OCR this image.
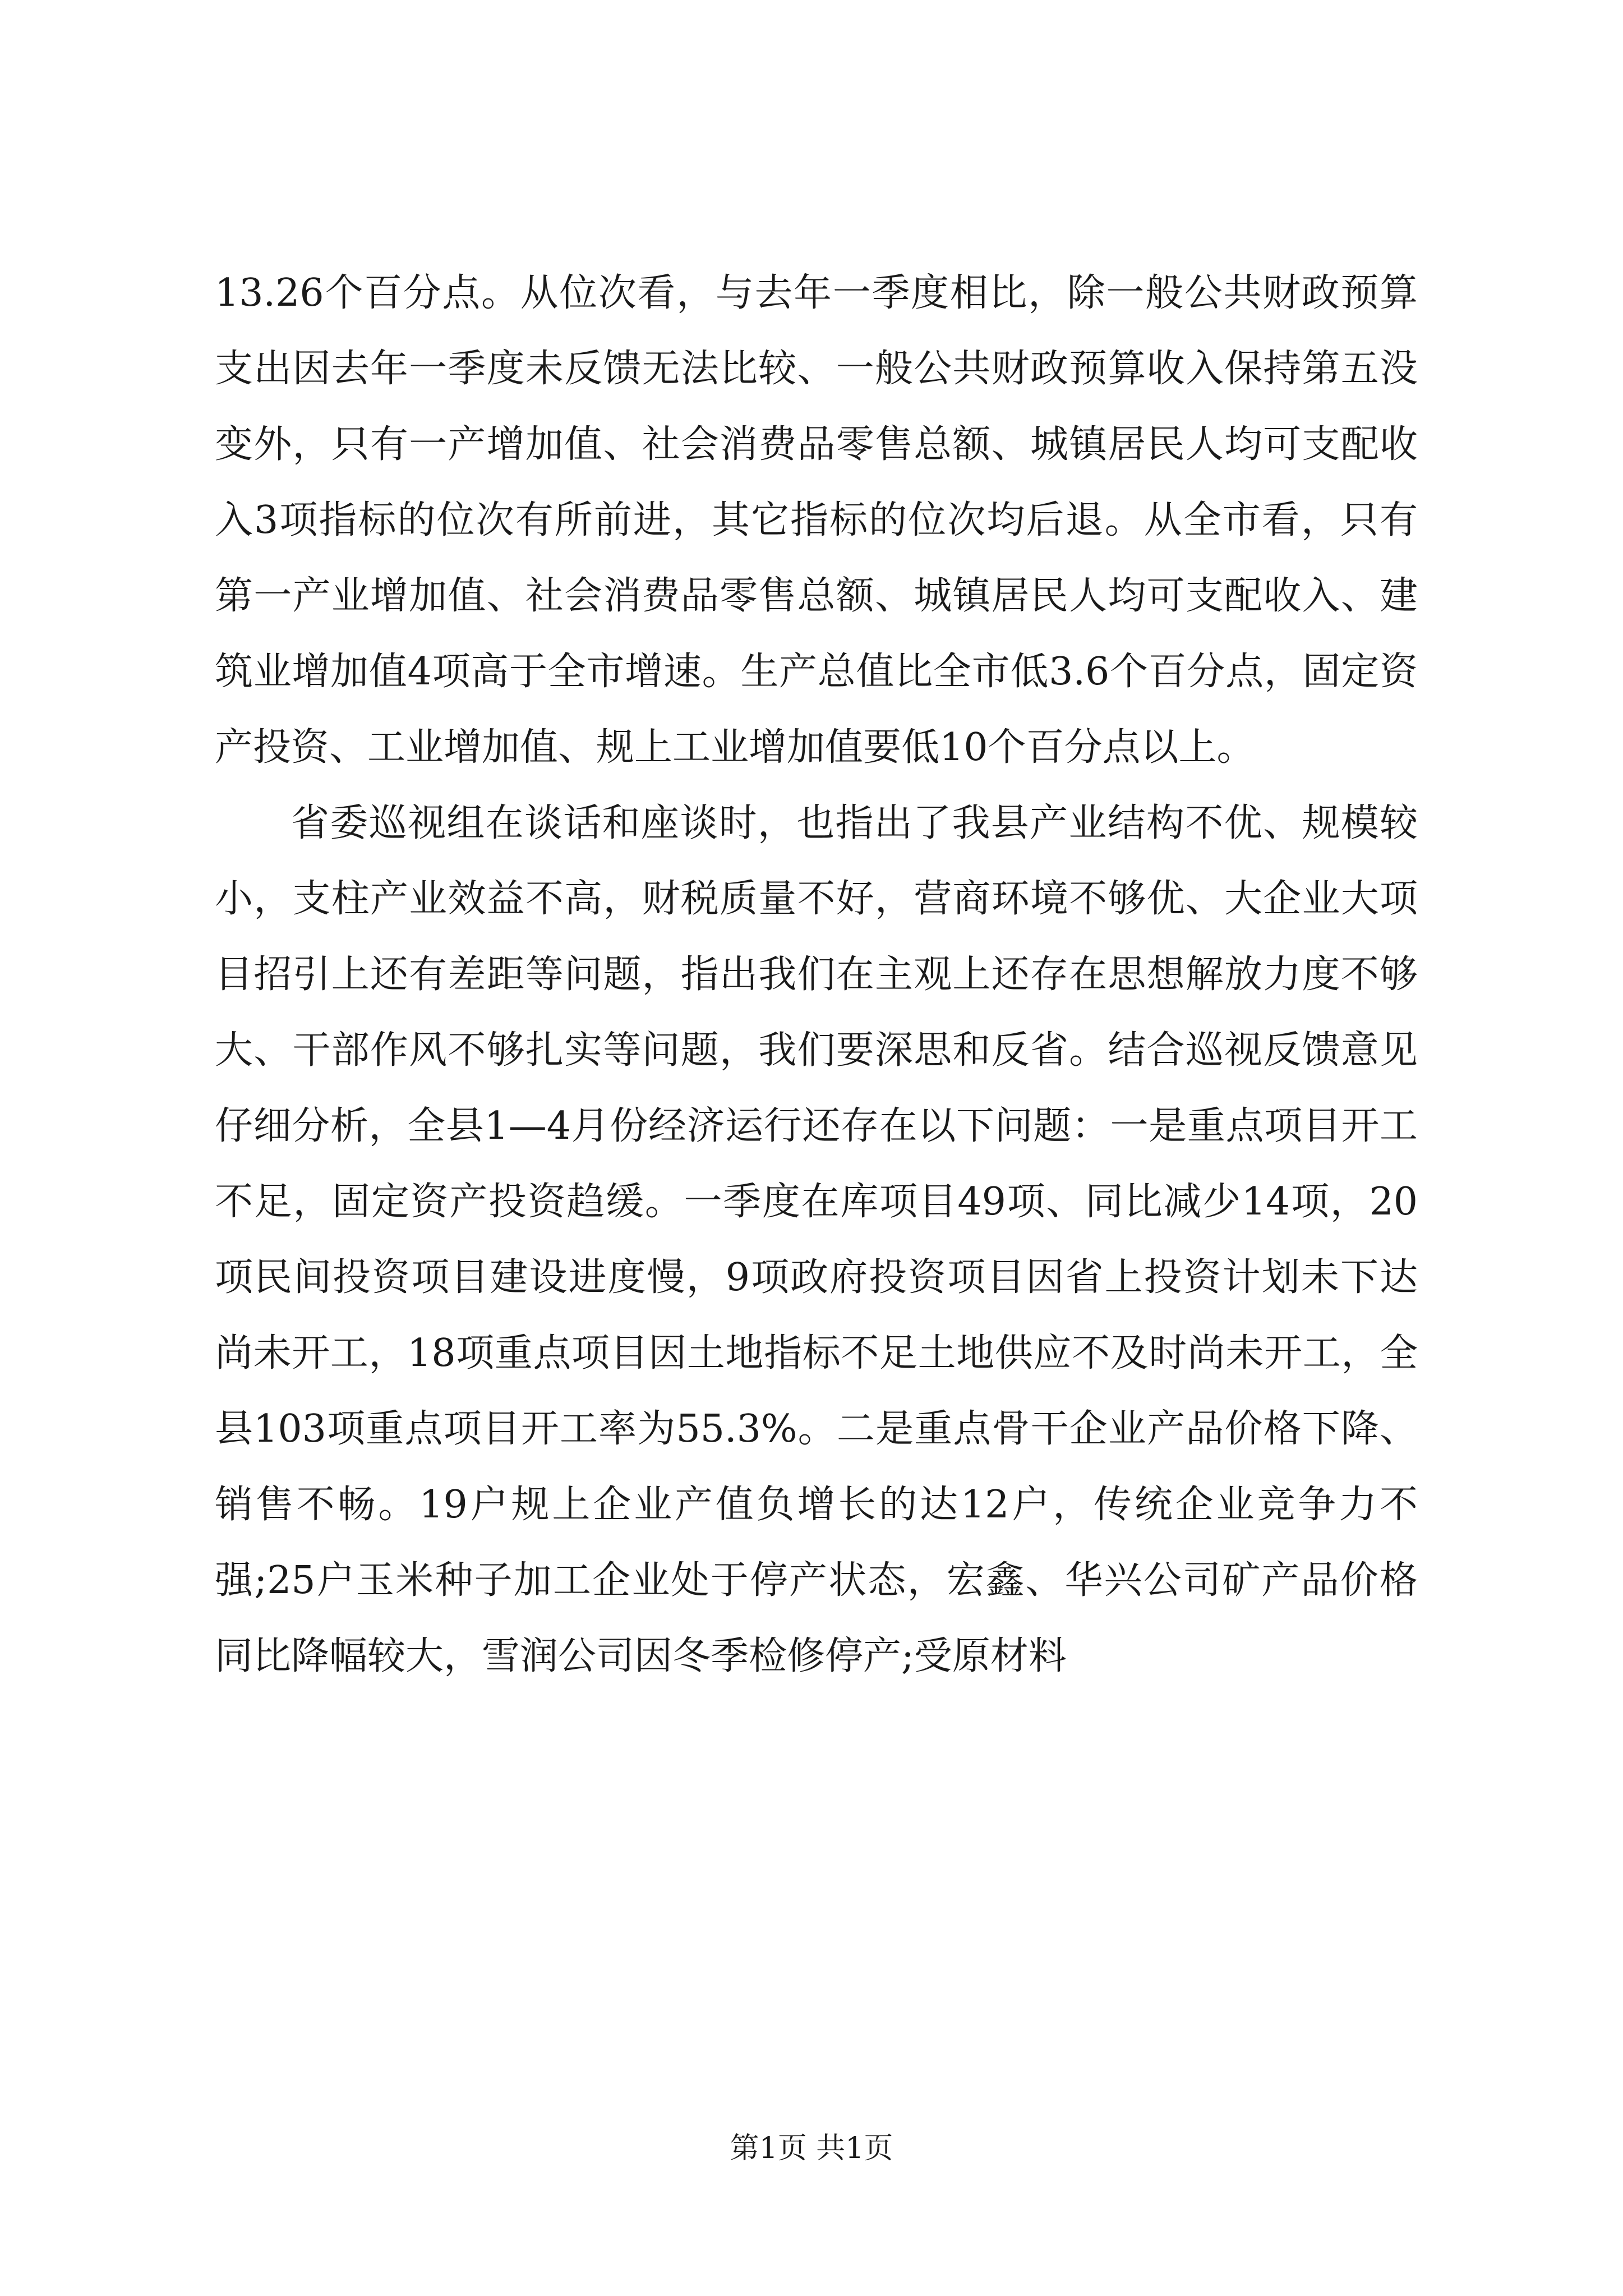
13.26个百分点。从位次看，与去年一季度相比，除一般公共财政预算支出因去年一季度未反馈无法比较、一般公共财政预算收入保持第五没变外，只有一产增加值、社会消费品零售总额、城镇居民人均可支配收入3项指标的位次有所前进，其它指标的位次均后退。从全市看，只有第一产业增加值、社会消费品零售总额、城镇居民人均可支配收入、建筑业增加值4项高于全市增速。生产总值比全市低3.6个百分点，固定资产投资、工业增加值、规上工业增加值要低10个百分点以上。

省委巡视组在谈话和座谈时，也指出了我县产业结构不优、规模较小，支柱产业效益不高，财税质量不好，营商环境不够优、大企业大项目招引上还有差距等问题，指出我们在主观上还存在思想解放力度不够大、干部作风不够扎实等问题，我们要深思和反省。结合巡视反馈意见仔细分析，全县1—4月份经济运行还存在以下问题：一是重点项目开工不足，固定资产投资趋缓。一季度在库项目49项、同比减少14项，20项民间投资项目建设进度慢，9项政府投资项目因省上投资计划未下达尚未开工，18项重点项目因土地指标不足土地供应不及时尚未开工，全县103项重点项目开工率为55.3%。二是重点骨干企业产品价格下降、销售不畅。19户规上企业产值负增长的达12户，传统企业竞争力不强;25户玉米种子加工企业处于停产状态，宏鑫、华兴公司矿产品价格同比降幅较大，雪润公司因冬季检修停产;受原材料

第1页 共1页
